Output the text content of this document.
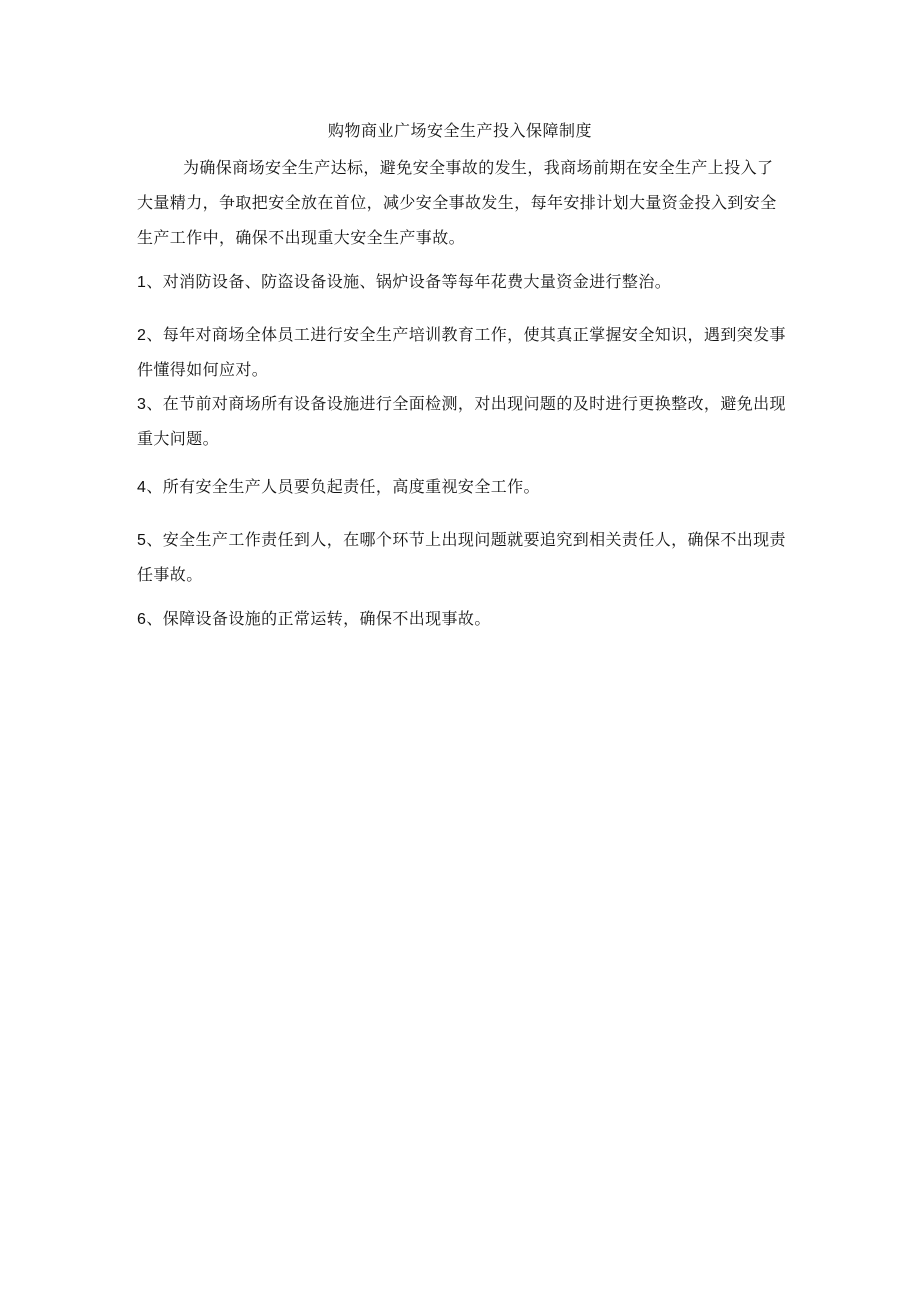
购物商业广场安全生产投入保障制度

为确保商场安全生产达标，避免安全事故的发生，我商场前期在安全生产上投入了大量精力，争取把安全放在首位，减少安全事故发生，每年安排计划大量资金投入到安全生产工作中，确保不出现重大安全生产事故。

1、对消防设备、防盗设备设施、锅炉设备等每年花费大量资金进行整治。

2、每年对商场全体员工进行安全生产培训教育工作，使其真正掌握安全知识，遇到突发事件懂得如何应对。

3、在节前对商场所有设备设施进行全面检测，对出现问题的及时进行更换整改，避免出现重大问题。

4、所有安全生产人员要负起责任，高度重视安全工作。

5、安全生产工作责任到人，在哪个环节上出现问题就要追究到相关责任人，确保不出现责任事故。

6、保障设备设施的正常运转，确保不出现事故。
